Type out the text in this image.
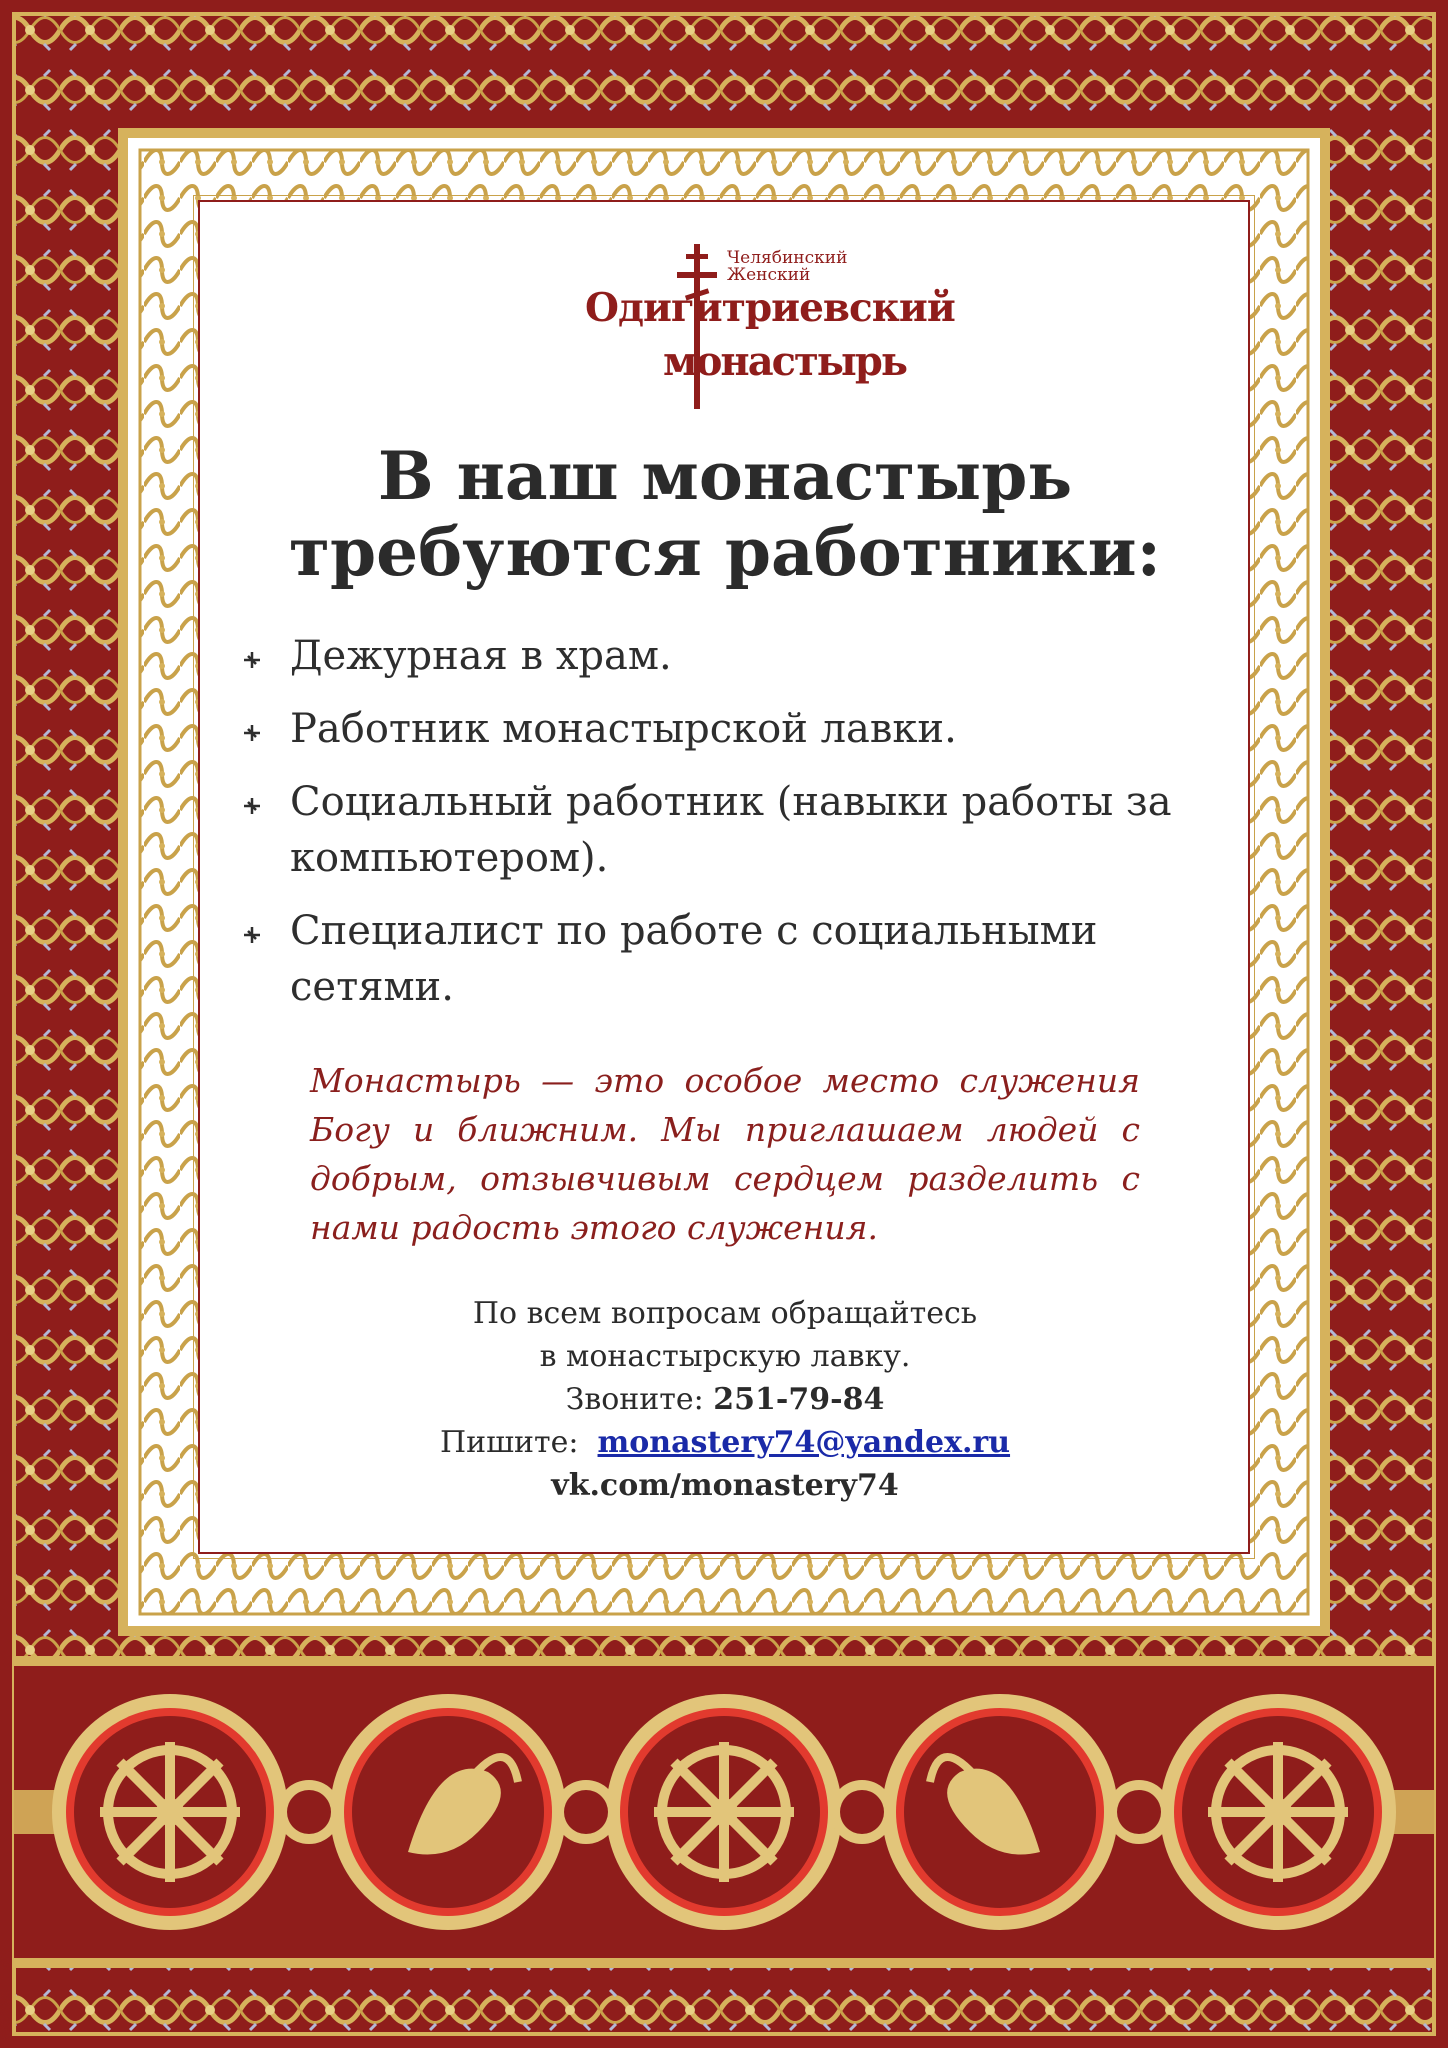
Челябинский
Женский
Одигитриевский
монастырь
В наш монастырь
требуются работники:
Дежурная в храм.
Работник монастырской лавки.
Социальный работник (навыки работы за компьютером).
Специалист по работе с социальными сетями.
Монастырь — это особое место служения Богу и ближним. Мы приглашаем людей с добрым, отзывчивым сердцем разделить с нами радость этого служения.
По всем вопросам обращайтесь
в монастырскую лавку.
Звоните: 251-79-84
Пишите: monastery74@yandex.ru
vk.com/monastery74
